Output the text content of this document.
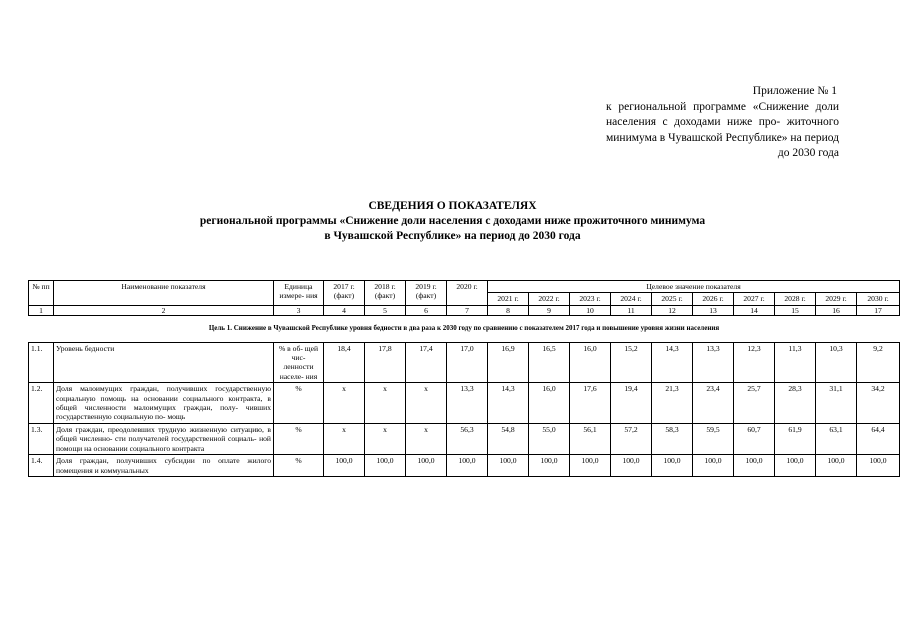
Приложение № 1
к региональной программе «Снижение доли населения с доходами ниже про- житочного минимума в Чувашской Республике» на период до 2030 года
СВЕДЕНИЯ О ПОКАЗАТЕЛЯХ
региональной программы «Снижение доли населения с доходами ниже прожиточного минимума
в Чувашской Республике» на период до 2030 года
№ пп	Наименование показателя	Единица измере- ния	2017 г. (факт)	2018 г. (факт)	2019 г. (факт)	2020 г.	Целевое значение показателя									
							2021 г.	2022 г.	2023 г.	2024 г.	2025 г.	2026 г.	2027 г.	2028 г.	2029 г.	2030 г.
1	2	3	4	5	6	7	8	9	10	11	12	13	14	15	16	17
Цель 1. Снижение в Чувашской Республике уровня бедности в два раза к 2030 году по сравнению с показателем 2017 года и повышение уровня жизни населения																
1.1.	Уровень бедности	% в об- щей чис- ленности населе- ния	18,4	17,8	17,4	17,0	16,9	16,5	16,0	15,2	14,3	13,3	12,3	11,3	10,3	9,2
1.2.	Доля малоимущих граждан, получивших государственную социальную помощь на основании социального контракта, в общей численности малоимущих граждан, полу- чивших государственную социальную по- мощь	%	x	x	x	13,3	14,3	16,0	17,6	19,4	21,3	23,4	25,7	28,3	31,1	34,2
1.3.	Доля граждан, преодолевших трудную жизненную ситуацию, в общей численно- сти получателей государственной социаль- ной помощи на основании социального контракта	%	x	x	x	56,3	54,8	55,0	56,1	57,2	58,3	59,5	60,7	61,9	63,1	64,4
1.4.	Доля граждан, получивших субсидии по оплате жилого помещения и коммунальных	%	100,0	100,0	100,0	100,0	100,0	100,0	100,0	100,0	100,0	100,0	100,0	100,0	100,0	100,0
